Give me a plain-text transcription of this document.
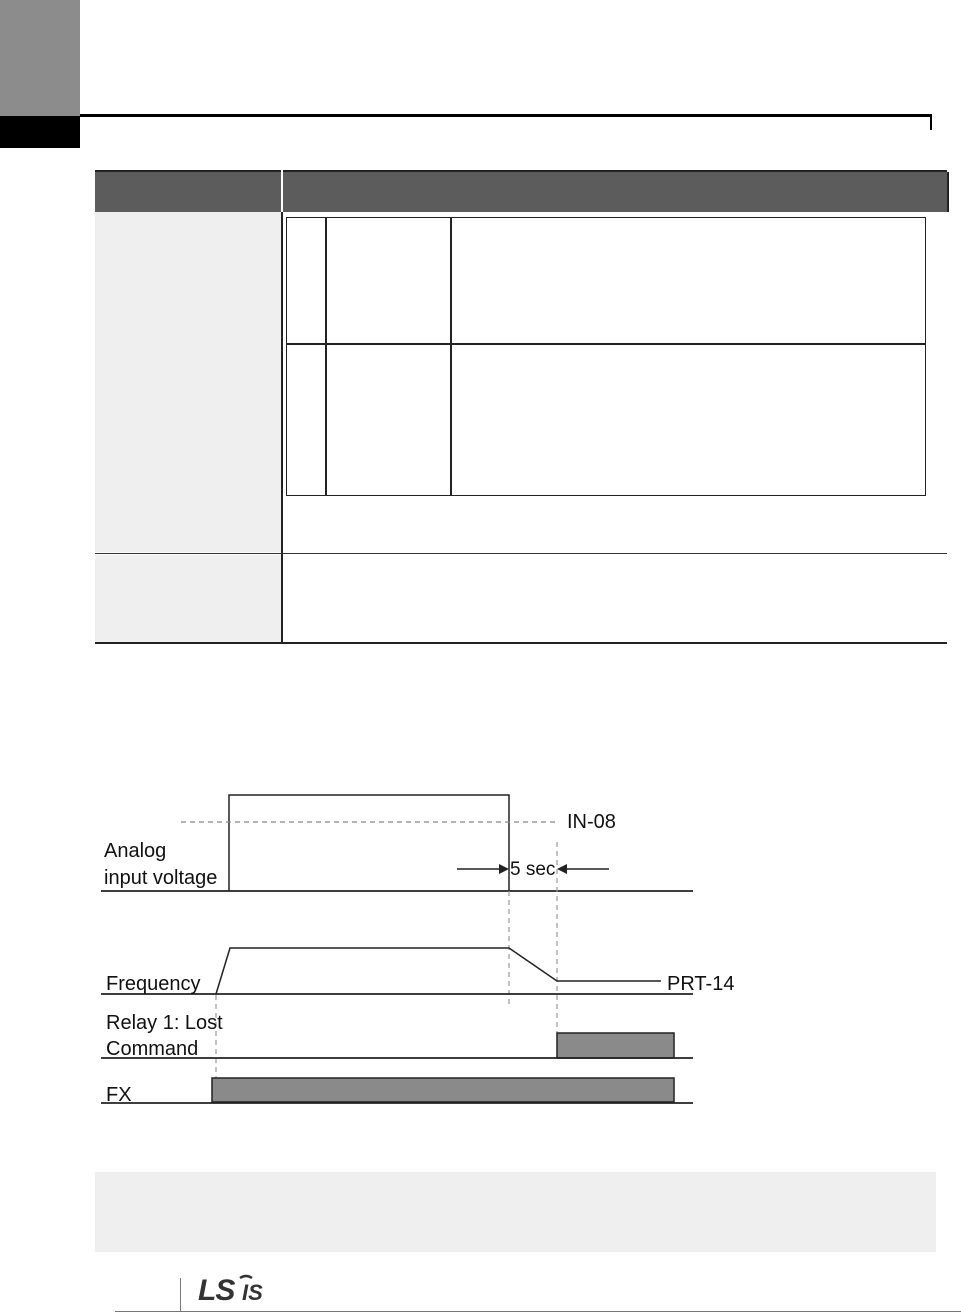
Analog
input voltage
IN-08
5 sec
Frequency	PRT-14
Relay 1: Lost
Command
FX
LS IS
